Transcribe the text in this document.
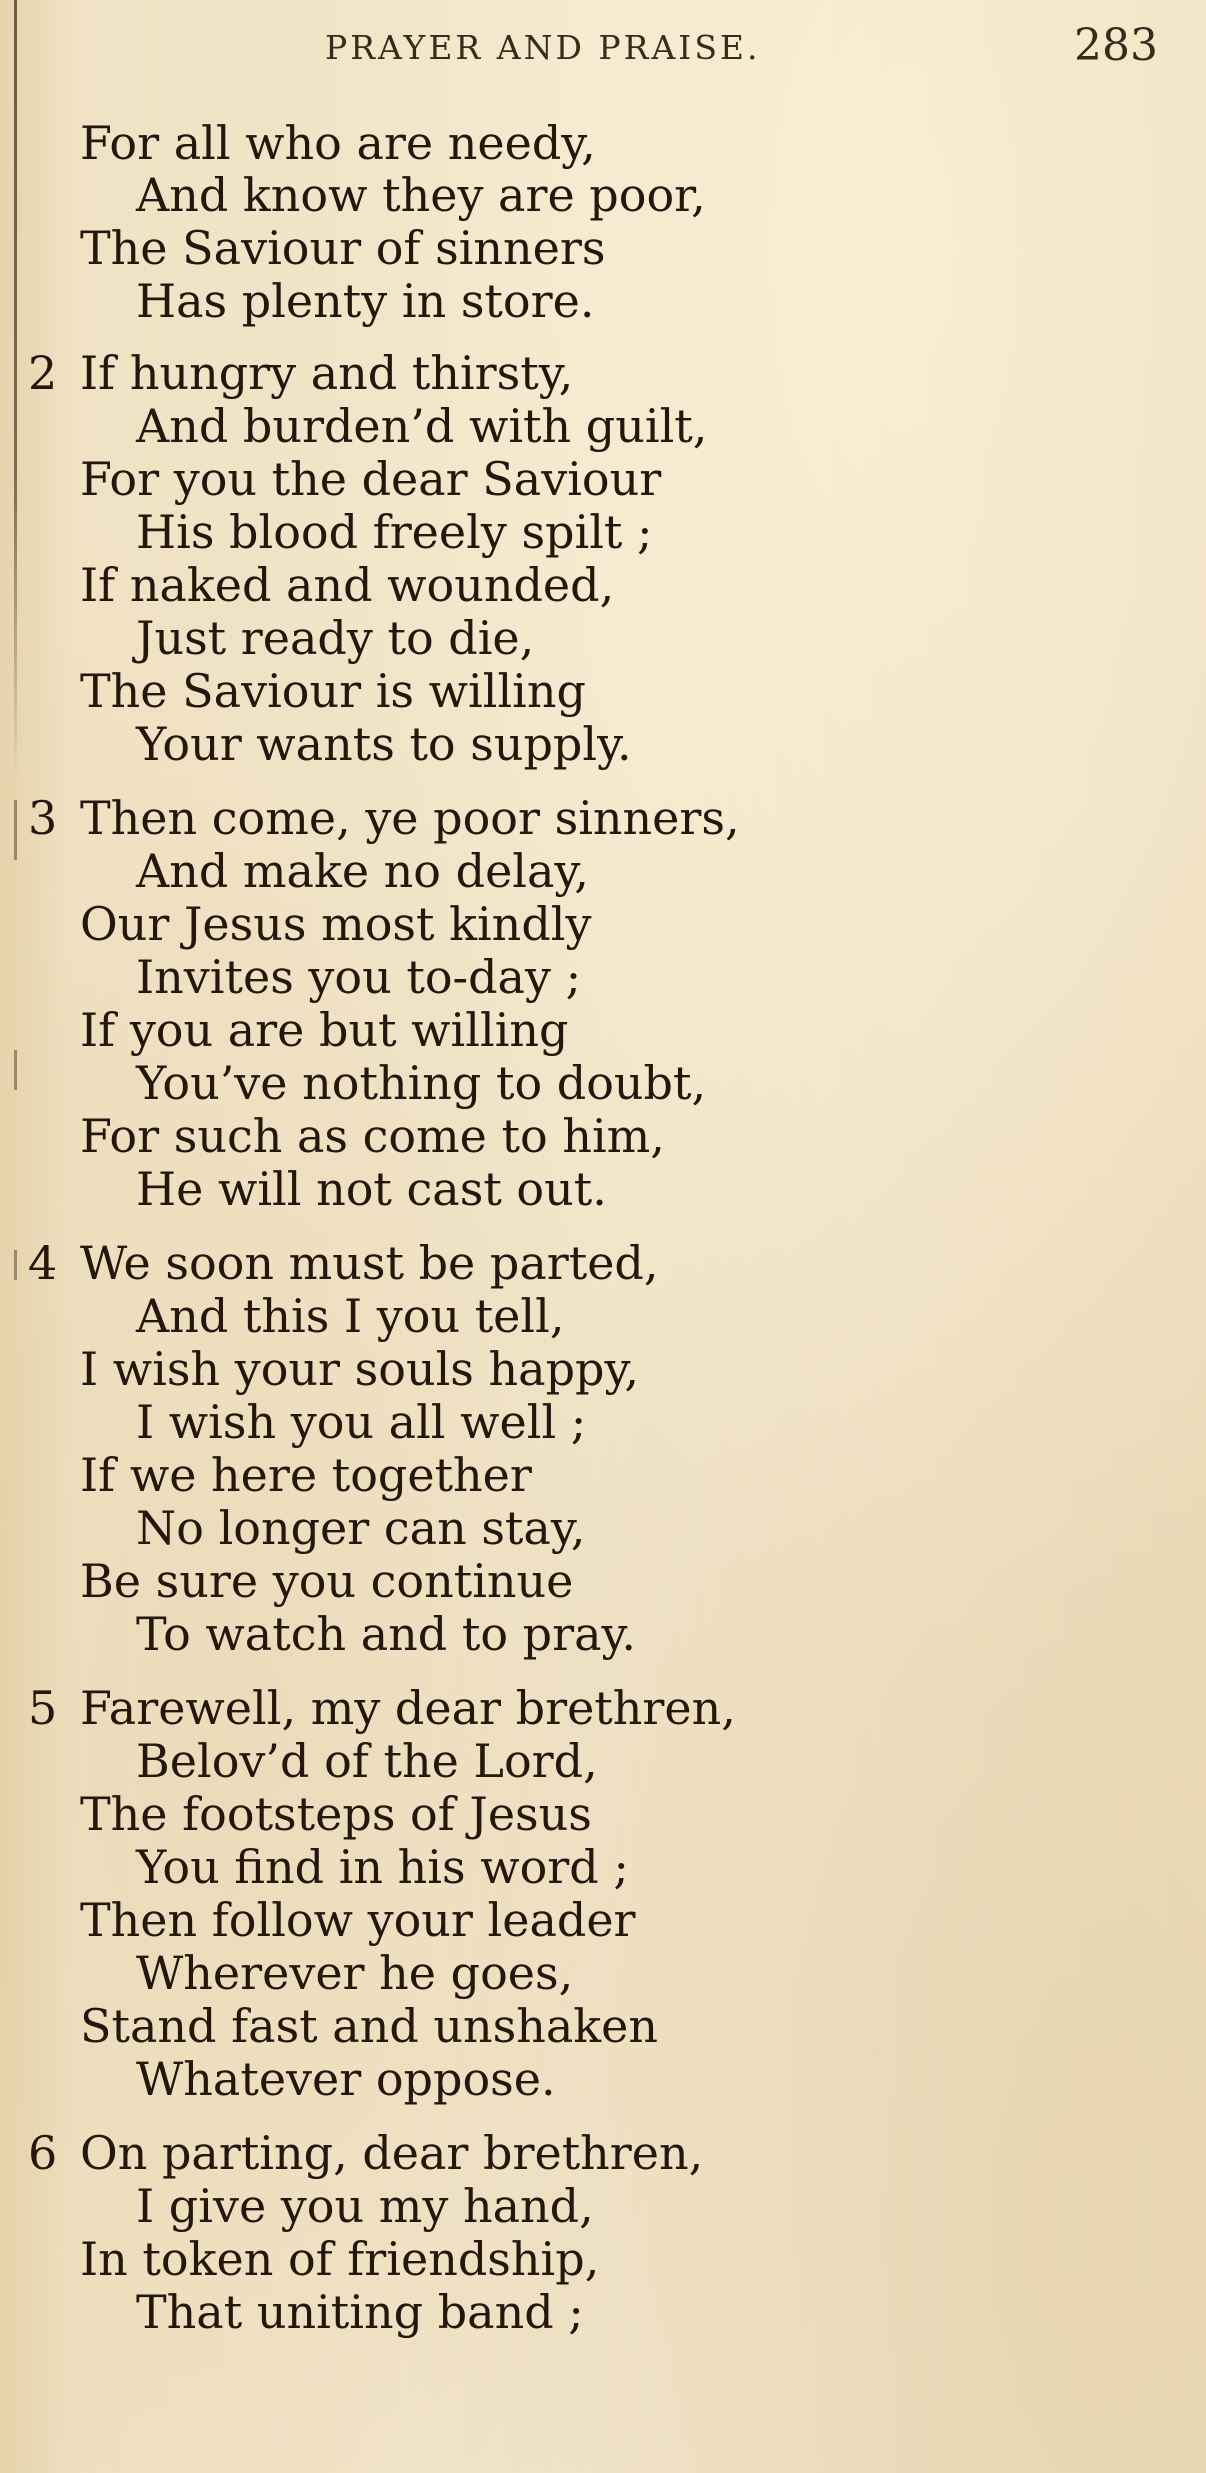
PRAYER AND PRAISE.	283
For all who are needy,
And know they are poor,
The Saviour of sinners
Has plenty in store.
2 If hungry and thirsty,
And burden’d with guilt,
For you the dear Saviour
His blood freely spilt ;
If naked and wounded,
Just ready to die,
The Saviour is willing
Your wants to supply.
3 Then come, ye poor sinners,
And make no delay,
Our Jesus most kindly
Invites you to-day ;
If you are but willing
You’ve nothing to doubt,
For such as come to him,
He will not cast out.
4 We soon must be parted,
And this I you tell,
I wish your souls happy,
I wish you all well ;
If we here together
No longer can stay,
Be sure you continue
To watch and to pray.
5 Farewell, my dear brethren,
Belov’d of the Lord,
The footsteps of Jesus
You find in his word ;
Then follow your leader
Wherever he goes,
Stand fast and unshaken
Whatever oppose.
6 On parting, dear brethren,
I give you my hand,
In token of friendship,
That uniting band ;
